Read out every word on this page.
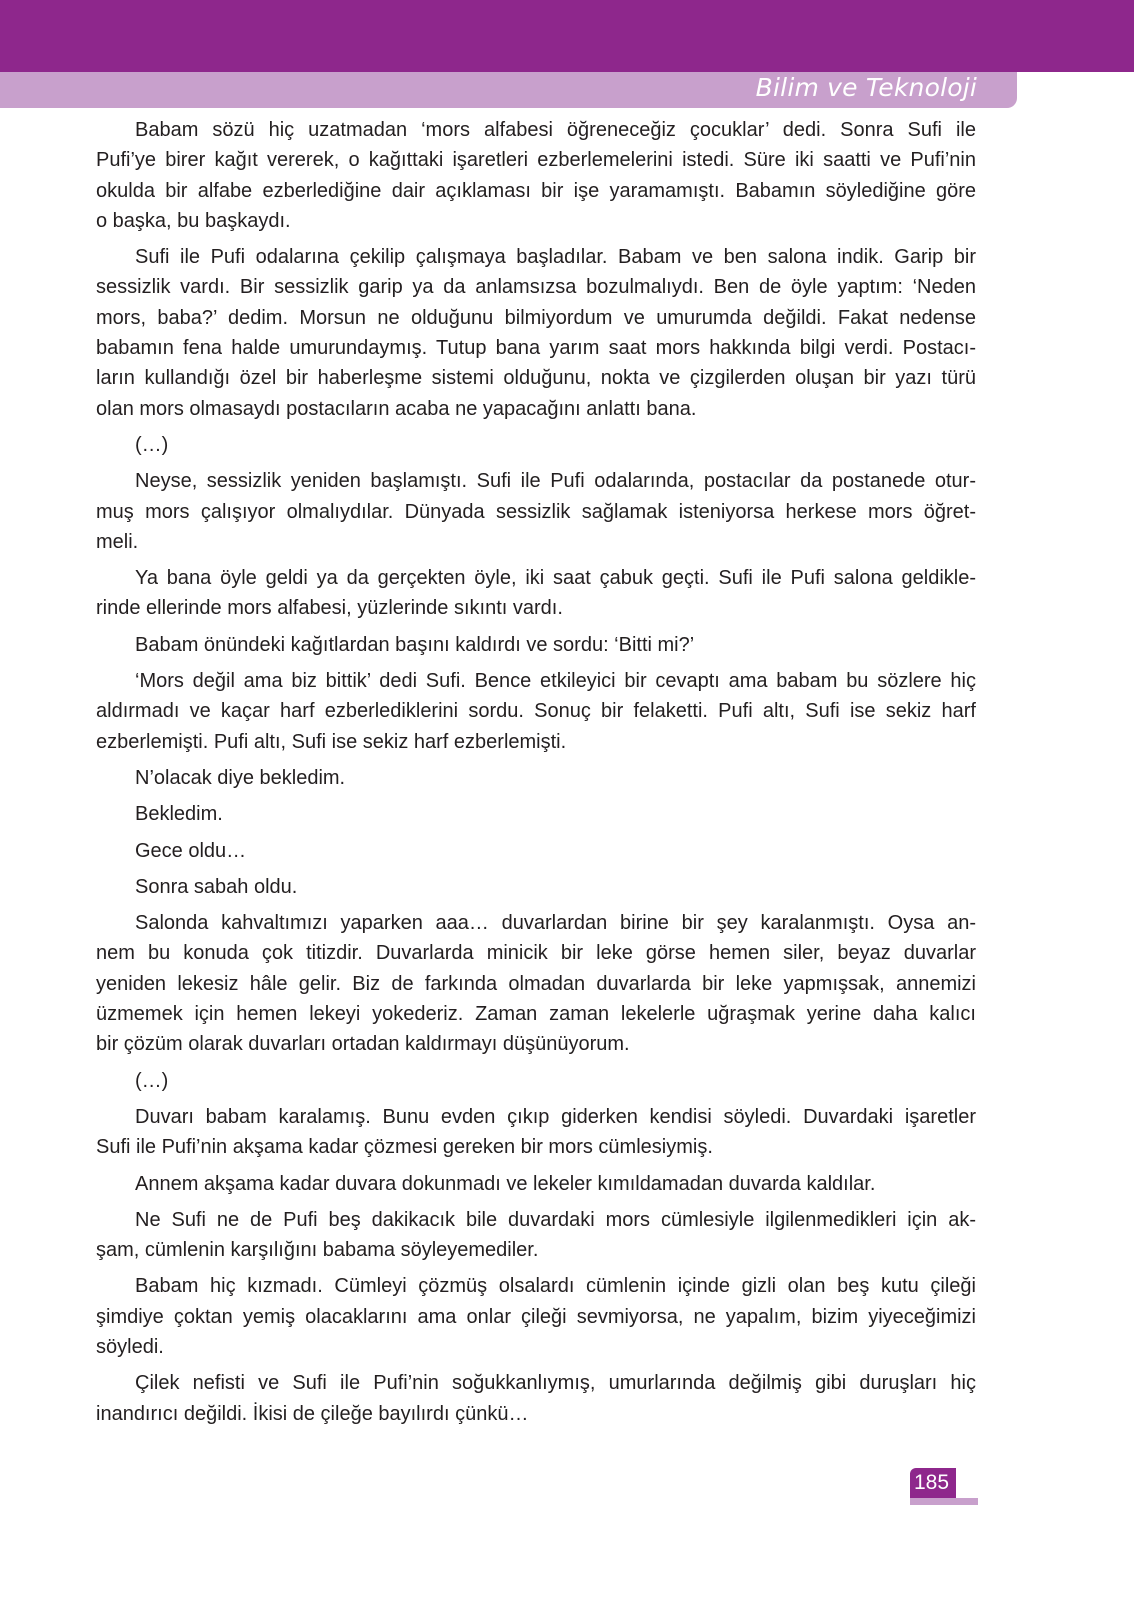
Bilim ve Teknoloji
Babam sözü hiç uzatmadan ‘mors alfabesi öğreneceğiz çocuklar’ dedi. Sonra Sufi ile
Pufi’ye birer kağıt vererek, o kağıttaki işaretleri ezberlemelerini istedi. Süre iki saatti ve Pufi’nin
okulda bir alfabe ezberlediğine dair açıklaması bir işe yaramamıştı. Babamın söylediğine göre
o başka, bu başkaydı.
Sufi ile Pufi odalarına çekilip çalışmaya başladılar. Babam ve ben salona indik. Garip bir
sessizlik vardı. Bir sessizlik garip ya da anlamsızsa bozulmalıydı. Ben de öyle yaptım: ‘Neden
mors, baba?’ dedim. Morsun ne olduğunu bilmiyordum ve umurumda değildi. Fakat nedense
babamın fena halde umurundaymış. Tutup bana yarım saat mors hakkında bilgi verdi. Postacı-
ların kullandığı özel bir haberleşme sistemi olduğunu, nokta ve çizgilerden oluşan bir yazı türü
olan mors olmasaydı postacıların acaba ne yapacağını anlattı bana.
(…)
Neyse, sessizlik yeniden başlamıştı. Sufi ile Pufi odalarında, postacılar da postanede otur-
muş mors çalışıyor olmalıydılar. Dünyada sessizlik sağlamak isteniyorsa herkese mors öğret-
meli.
Ya bana öyle geldi ya da gerçekten öyle, iki saat çabuk geçti. Sufi ile Pufi salona geldikle-
rinde ellerinde mors alfabesi, yüzlerinde sıkıntı vardı.
Babam önündeki kağıtlardan başını kaldırdı ve sordu: ‘Bitti mi?’
‘Mors değil ama biz bittik’ dedi Sufi. Bence etkileyici bir cevaptı ama babam bu sözlere hiç
aldırmadı ve kaçar harf ezberlediklerini sordu. Sonuç bir felaketti. Pufi altı, Sufi ise sekiz harf
ezberlemişti. Pufi altı, Sufi ise sekiz harf ezberlemişti.
N’olacak diye bekledim.
Bekledim.
Gece oldu…
Sonra sabah oldu.
Salonda kahvaltımızı yaparken aaa… duvarlardan birine bir şey karalanmıştı. Oysa an-
nem bu konuda çok titizdir. Duvarlarda minicik bir leke görse hemen siler, beyaz duvarlar
yeniden lekesiz hâle gelir. Biz de farkında olmadan duvarlarda bir leke yapmışsak, annemizi
üzmemek için hemen lekeyi yokederiz. Zaman zaman lekelerle uğraşmak yerine daha kalıcı
bir çözüm olarak duvarları ortadan kaldırmayı düşünüyorum.
(…)
Duvarı babam karalamış. Bunu evden çıkıp giderken kendisi söyledi. Duvardaki işaretler
Sufi ile Pufi’nin akşama kadar çözmesi gereken bir mors cümlesiymiş.
Annem akşama kadar duvara dokunmadı ve lekeler kımıldamadan duvarda kaldılar.
Ne Sufi ne de Pufi beş dakikacık bile duvardaki mors cümlesiyle ilgilenmedikleri için ak-
şam, cümlenin karşılığını babama söyleyemediler.
Babam hiç kızmadı. Cümleyi çözmüş olsalardı cümlenin içinde gizli olan beş kutu çileği
şimdiye çoktan yemiş olacaklarını ama onlar çileği sevmiyorsa, ne yapalım, bizim yiyeceğimizi
söyledi.
Çilek nefisti ve Sufi ile Pufi’nin soğukkanlıymış, umurlarında değilmiş gibi duruşları hiç
inandırıcı değildi. İkisi de çileğe bayılırdı çünkü…
185
